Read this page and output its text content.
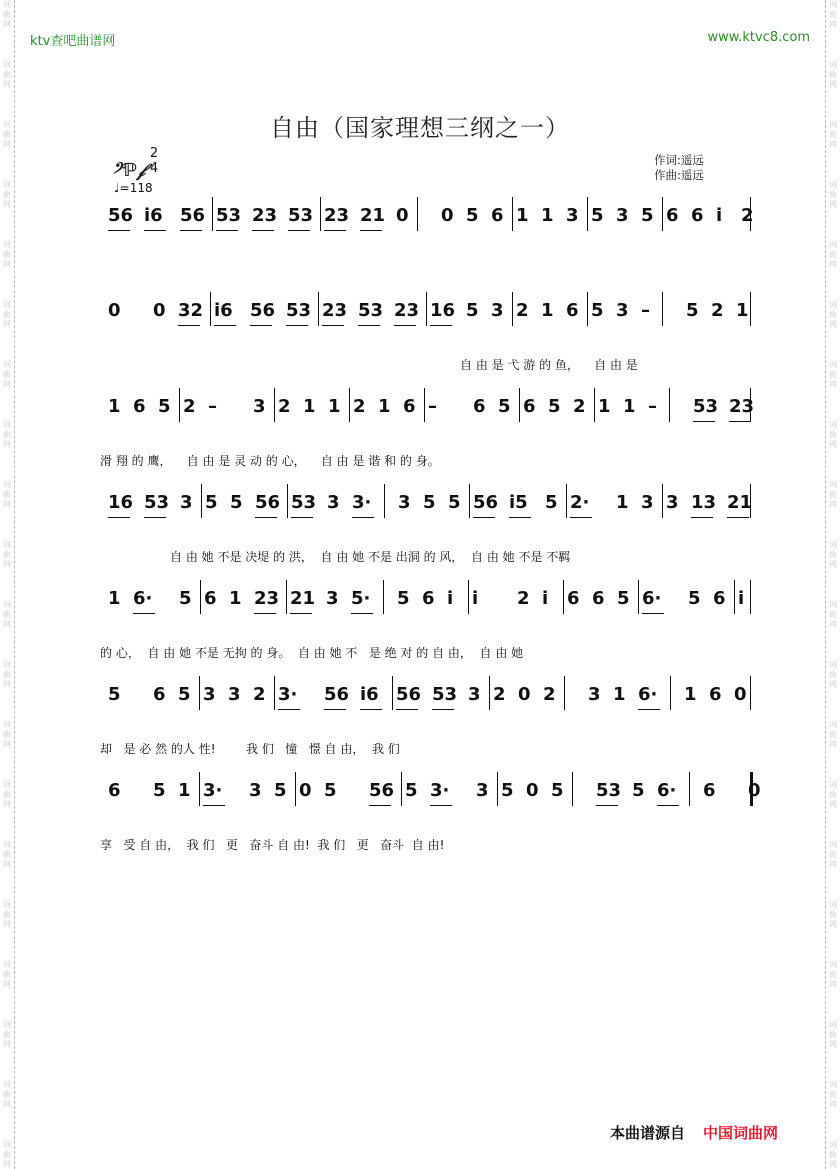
词
曲
网
词
曲
网
词
曲
网
词
曲
网
词
曲
网
词
曲
网
词
曲
网
词
曲
网
词
曲
网
词
曲
网
词
曲
网
词
曲
网
词
曲
网
词
曲
网
词
曲
网
词
曲
网
词
曲
网
词
曲
网
词
曲
网
词
曲
网
词
曲
网
词
曲
网
词
曲
网
词
曲
网
词
曲
网
词
曲
网
词
曲
网
词
曲
网
词
曲
网
词
曲
网
词
曲
网
词
曲
网
词
曲
网
词
曲
网
词
曲
网
词
曲
网
词
曲
网
词
曲
网
词
曲
网
词
曲
网
ktv查吧曲谱网	www.ktvc8.com
自由（国家理想三纲之一）
𝄢ℙ𝒻
2
4
♩=118
作词:遥远
作曲:遥远
56 i6 56 53 23 53 23 21 0 0 5 6 1 1 3 5 3 5 6 6 i 2
0 0 32 i6 56 53 23 53 23 16 5 3 2 1 6 5 3 – 5 2 1
自 由 是 弋 游 的 鱼，    自 由 是
1 6 5 2 – 3 2 1 1 2 1 6 – 6 5 6 5 2 1 1 – 53 23
滑 翔 的 鹰，    自 由 是 灵 动 的 心，    自 由 是 谐 和 的 身。
16 53 3 5 5 56 53 3 3· 3 5 5 56 i5 5 2· 1 3 3 13 21
自 由 她 不是 决堤 的 洪，  自 由 她 不是 出洞 的 风，  自 由 她 不是 不羁
1 6· 5 6 1 23 21 3 5· 5 6 i i 2 i 6 6 5 6· 5 6 i
的 心，  自 由 她 不是 无拘 的 身。  自 由 她 不   是 绝 对 的 自 由，  自 由 她
5 6 5 3 3 2 3· 56 i6 56 53 3 2 0 2 3 1 6· 1 6 0
却   是 必 然 的人 性!        我 们   憧   憬 自 由，  我 们
6 5 1 3· 3 5 0 5 56 5 3· 3 5 0 5 53 5 6· 6 0
享   受 自 由，  我 们   更   奋斗 自 由!  我 们   更   奋斗  自 由!
本曲谱源自 中国词曲网
